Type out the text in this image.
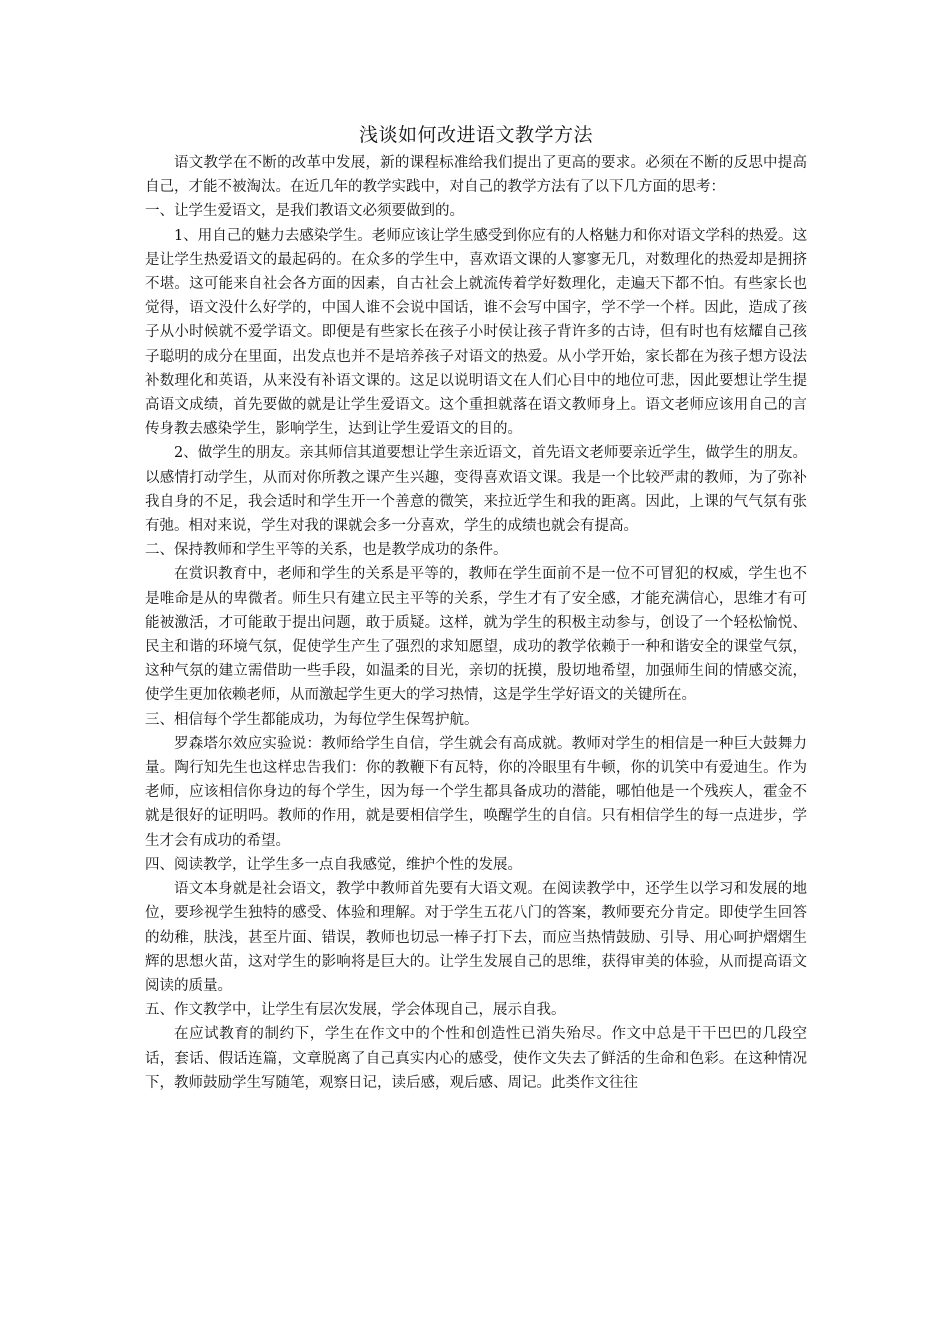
浅谈如何改进语文教学方法

语文教学在不断的改革中发展，新的课程标准给我们提出了更高的要求。必须在不断的反思中提高自己，才能不被淘汰。在近几年的教学实践中，对自己的教学方法有了以下几方面的思考：

一、让学生爱语文，是我们教语文必须要做到的。

1、用自己的魅力去感染学生。老师应该让学生感受到你应有的人格魅力和你对语文学科的热爱。这是让学生热爱语文的最起码的。在众多的学生中，喜欢语文课的人寥寥无几，对数理化的热爱却是拥挤不堪。这可能来自社会各方面的因素，自古社会上就流传着学好数理化，走遍天下都不怕。有些家长也觉得，语文没什么好学的，中国人谁不会说中国话，谁不会写中国字，学不学一个样。因此，造成了孩子从小时候就不爱学语文。即便是有些家长在孩子小时侯让孩子背许多的古诗，但有时也有炫耀自己孩子聪明的成分在里面，出发点也并不是培养孩子对语文的热爱。从小学开始，家长都在为孩子想方设法补数理化和英语，从来没有补语文课的。这足以说明语文在人们心目中的地位可悲，因此要想让学生提高语文成绩，首先要做的就是让学生爱语文。这个重担就落在语文教师身上。语文老师应该用自己的言传身教去感染学生，影响学生，达到让学生爱语文的目的。

2、做学生的朋友。亲其师信其道要想让学生亲近语文，首先语文老师要亲近学生，做学生的朋友。以感情打动学生，从而对你所教之课产生兴趣，变得喜欢语文课。我是一个比较严肃的教师，为了弥补我自身的不足，我会适时和学生开一个善意的微笑，来拉近学生和我的距离。因此，上课的气气氛有张有弛。相对来说，学生对我的课就会多一分喜欢，学生的成绩也就会有提高。

二、保持教师和学生平等的关系，也是教学成功的条件。

在赏识教育中，老师和学生的关系是平等的，教师在学生面前不是一位不可冒犯的权威，学生也不是唯命是从的卑微者。师生只有建立民主平等的关系，学生才有了安全感，才能充满信心，思维才有可能被激活，才可能敢于提出问题，敢于质疑。这样，就为学生的积极主动参与，创设了一个轻松愉悦、民主和谐的环境气氛，促使学生产生了强烈的求知愿望，成功的教学依赖于一种和谐安全的课堂气氛，这种气氛的建立需借助一些手段，如温柔的目光，亲切的抚摸，殷切地希望，加强师生间的情感交流，使学生更加依赖老师，从而激起学生更大的学习热情，这是学生学好语文的关键所在。

三、相信每个学生都能成功，为每位学生保驾护航。

罗森塔尔效应实验说：教师给学生自信，学生就会有高成就。教师对学生的相信是一种巨大鼓舞力量。陶行知先生也这样忠告我们：你的教鞭下有瓦特，你的冷眼里有牛顿，你的讥笑中有爱迪生。作为老师，应该相信你身边的每个学生，因为每一个学生都具备成功的潜能，哪怕他是一个残疾人，霍金不就是很好的证明吗。教师的作用，就是要相信学生，唤醒学生的自信。只有相信学生的每一点进步，学生才会有成功的希望。

四、阅读教学，让学生多一点自我感觉，维护个性的发展。

语文本身就是社会语文，教学中教师首先要有大语文观。在阅读教学中，还学生以学习和发展的地位，要珍视学生独特的感受、体验和理解。对于学生五花八门的答案，教师要充分肯定。即使学生回答的幼稚，肤浅，甚至片面、错误，教师也切忌一棒子打下去，而应当热情鼓励、引导、用心呵护熠熠生辉的思想火苗，这对学生的影响将是巨大的。让学生发展自己的思维，获得审美的体验，从而提高语文阅读的质量。

五、作文教学中，让学生有层次发展，学会体现自己，展示自我。

在应试教育的制约下，学生在作文中的个性和创造性已消失殆尽。作文中总是干干巴巴的几段空话，套话、假话连篇，文章脱离了自己真实内心的感受，使作文失去了鲜活的生命和色彩。在这种情况下，教师鼓励学生写随笔，观察日记，读后感，观后感、周记。此类作文往往
